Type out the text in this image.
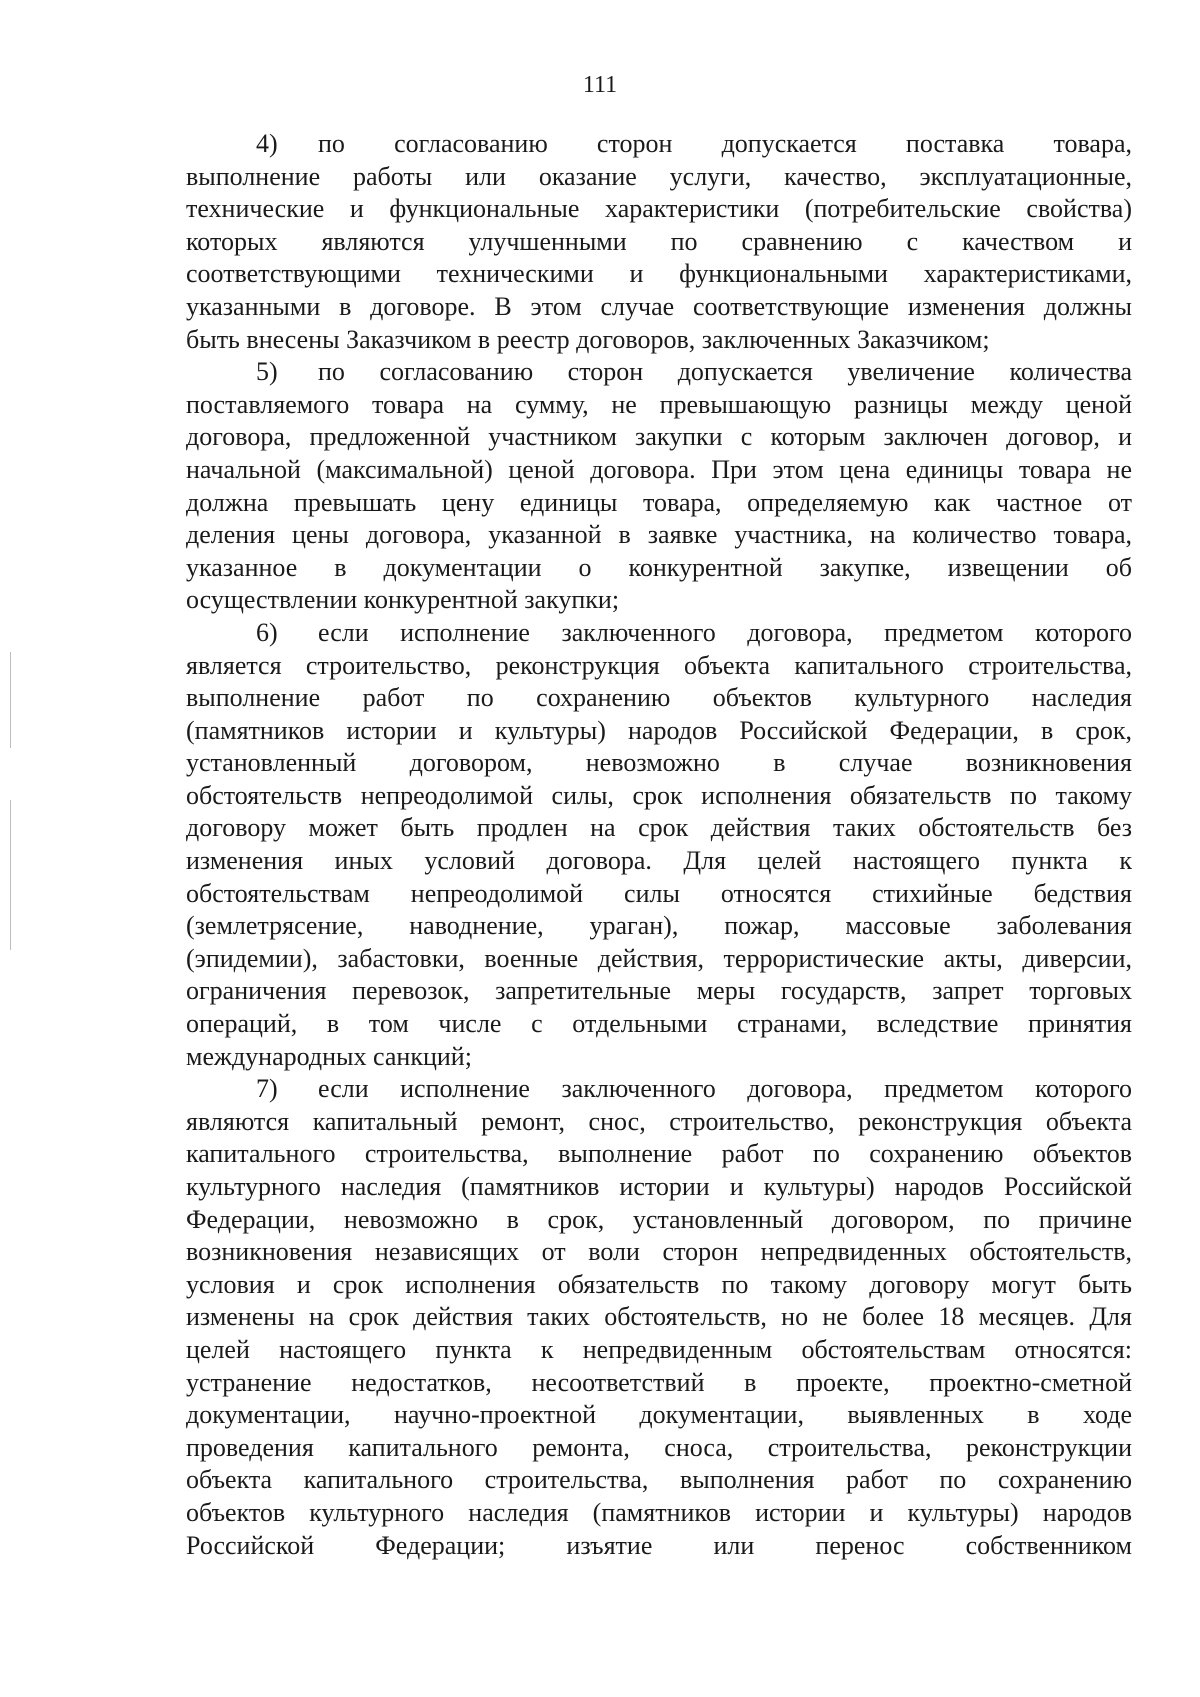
111

4) по согласованию сторон допускается поставка товара,
выполнение работы или оказание услуги, качество, эксплуатационные,
технические и функциональные характеристики (потребительские свойства)
которых являются улучшенными по сравнению с качеством и
соответствующими техническими и функциональными характеристиками,
указанными в договоре. В этом случае соответствующие изменения должны
быть внесены Заказчиком в реестр договоров, заключенных Заказчиком;

5) по согласованию сторон допускается увеличение количества
поставляемого товара на сумму, не превышающую разницы между ценой
договора, предложенной участником закупки с которым заключен договор, и
начальной (максимальной) ценой договора. При этом цена единицы товара не
должна превышать цену единицы товара, определяемую как частное от
деления цены договора, указанной в заявке участника, на количество товара,
указанное в документации о конкурентной закупке, извещении об
осуществлении конкурентной закупки;

6) если исполнение заключенного договора, предметом которого
является строительство, реконструкция объекта капитального строительства,
выполнение работ по сохранению объектов культурного наследия
(памятников истории и культуры) народов Российской Федерации, в срок,
установленный договором, невозможно в случае возникновения
обстоятельств непреодолимой силы, срок исполнения обязательств по такому
договору может быть продлен на срок действия таких обстоятельств без
изменения иных условий договора. Для целей настоящего пункта к
обстоятельствам непреодолимой силы относятся стихийные бедствия
(землетрясение, наводнение, ураган), пожар, массовые заболевания
(эпидемии), забастовки, военные действия, террористические акты, диверсии,
ограничения перевозок, запретительные меры государств, запрет торговых
операций, в том числе с отдельными странами, вследствие принятия
международных санкций;

7) если исполнение заключенного договора, предметом которого
являются капитальный ремонт, снос, строительство, реконструкция объекта
капитального строительства, выполнение работ по сохранению объектов
культурного наследия (памятников истории и культуры) народов Российской
Федерации, невозможно в срок, установленный договором, по причине
возникновения независящих от воли сторон непредвиденных обстоятельств,
условия и срок исполнения обязательств по такому договору могут быть
изменены на срок действия таких обстоятельств, но не более 18 месяцев. Для
целей настоящего пункта к непредвиденным обстоятельствам относятся:
устранение недостатков, несоответствий в проекте, проектно-сметной
документации, научно-проектной документации, выявленных в ходе
проведения капитального ремонта, сноса, строительства, реконструкции
объекта капитального строительства, выполнения работ по сохранению
объектов культурного наследия (памятников истории и культуры) народов
Российской Федерации; изъятие или перенос собственником
